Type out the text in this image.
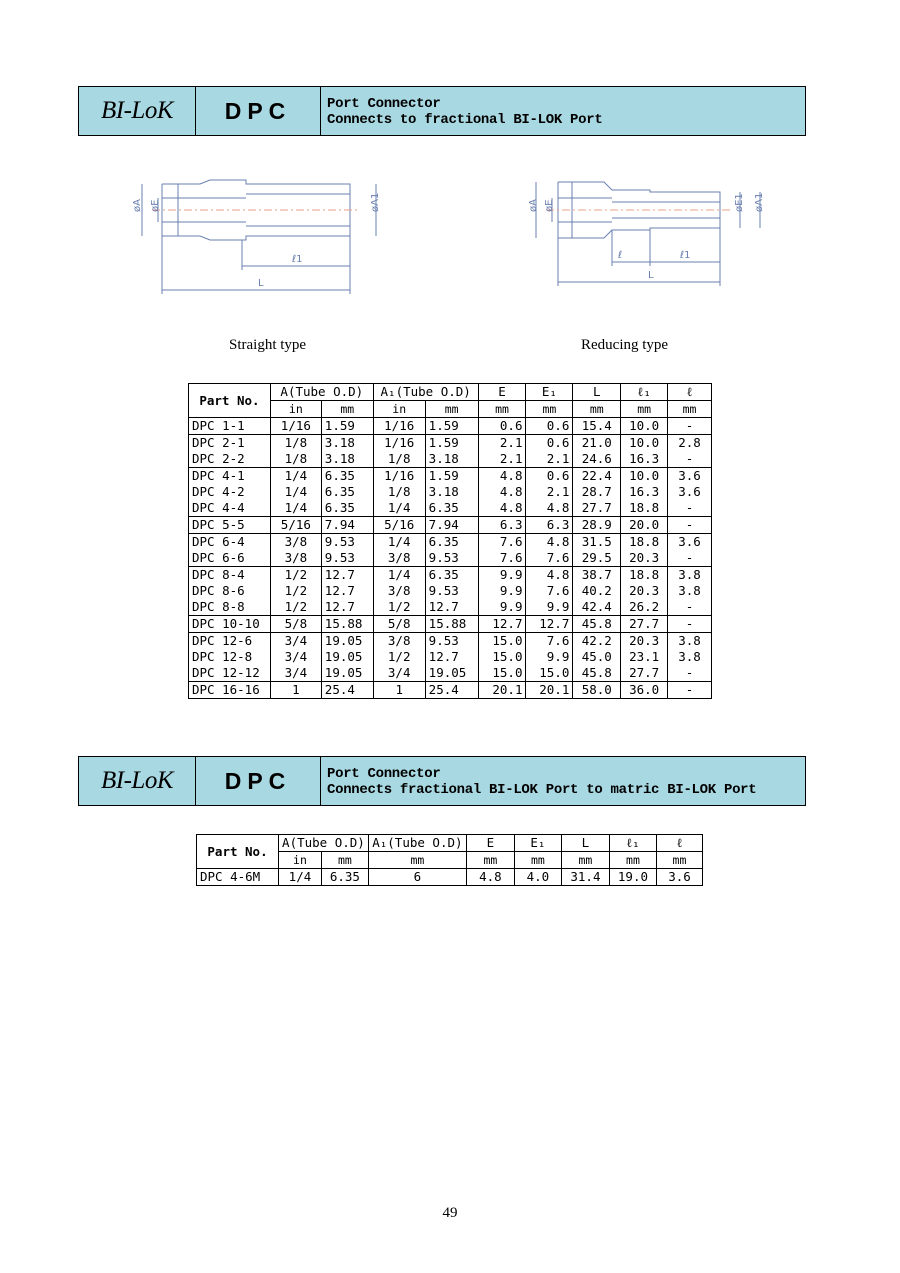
BI-LoK	DPC	Port Connector
Connects to fractional BI-LOK Port
øA øE	øA1
ℓ1
L
øA øE	øE1 øA1
ℓ	ℓ1
L
Straight type	Reducing type
Part No.	A(Tube O.D)		A₁(Tube O.D)		E	E₁	L	ℓ₁	ℓ
	in	mm	in	mm	mm	mm	mm	mm	mm
DPC 1-1	1/16	1.59	1/16	1.59	0.6	0.6	15.4	10.0	-
DPC 2-1	1/8	3.18	1/16	1.59	2.1	0.6	21.0	10.0	2.8
DPC 2-2	1/8	3.18	1/8	3.18	2.1	2.1	24.6	16.3	-
DPC 4-1	1/4	6.35	1/16	1.59	4.8	0.6	22.4	10.0	3.6
DPC 4-2	1/4	6.35	1/8	3.18	4.8	2.1	28.7	16.3	3.6
DPC 4-4	1/4	6.35	1/4	6.35	4.8	4.8	27.7	18.8	-
DPC 5-5	5/16	7.94	5/16	7.94	6.3	6.3	28.9	20.0	-
DPC 6-4	3/8	9.53	1/4	6.35	7.6	4.8	31.5	18.8	3.6
DPC 6-6	3/8	9.53	3/8	9.53	7.6	7.6	29.5	20.3	-
DPC 8-4	1/2	12.7	1/4	6.35	9.9	4.8	38.7	18.8	3.8
DPC 8-6	1/2	12.7	3/8	9.53	9.9	7.6	40.2	20.3	3.8
DPC 8-8	1/2	12.7	1/2	12.7	9.9	9.9	42.4	26.2	-
DPC 10-10	5/8	15.88	5/8	15.88	12.7	12.7	45.8	27.7	-
DPC 12-6	3/4	19.05	3/8	9.53	15.0	7.6	42.2	20.3	3.8
DPC 12-8	3/4	19.05	1/2	12.7	15.0	9.9	45.0	23.1	3.8
DPC 12-12	3/4	19.05	3/4	19.05	15.0	15.0	45.8	27.7	-
DPC 16-16	1	25.4	1	25.4	20.1	20.1	58.0	36.0	-
BI-LoK	DPC	Port Connector
Connects fractional BI-LOK Port to matric BI-LOK Port
Part No.	A(Tube O.D)		A₁(Tube O.D)	E	E₁	L	ℓ₁	ℓ
	in	mm	mm	mm	mm	mm	mm	mm
DPC 4-6M	1/4	6.35	6	4.8	4.0	31.4	19.0	3.6
49
